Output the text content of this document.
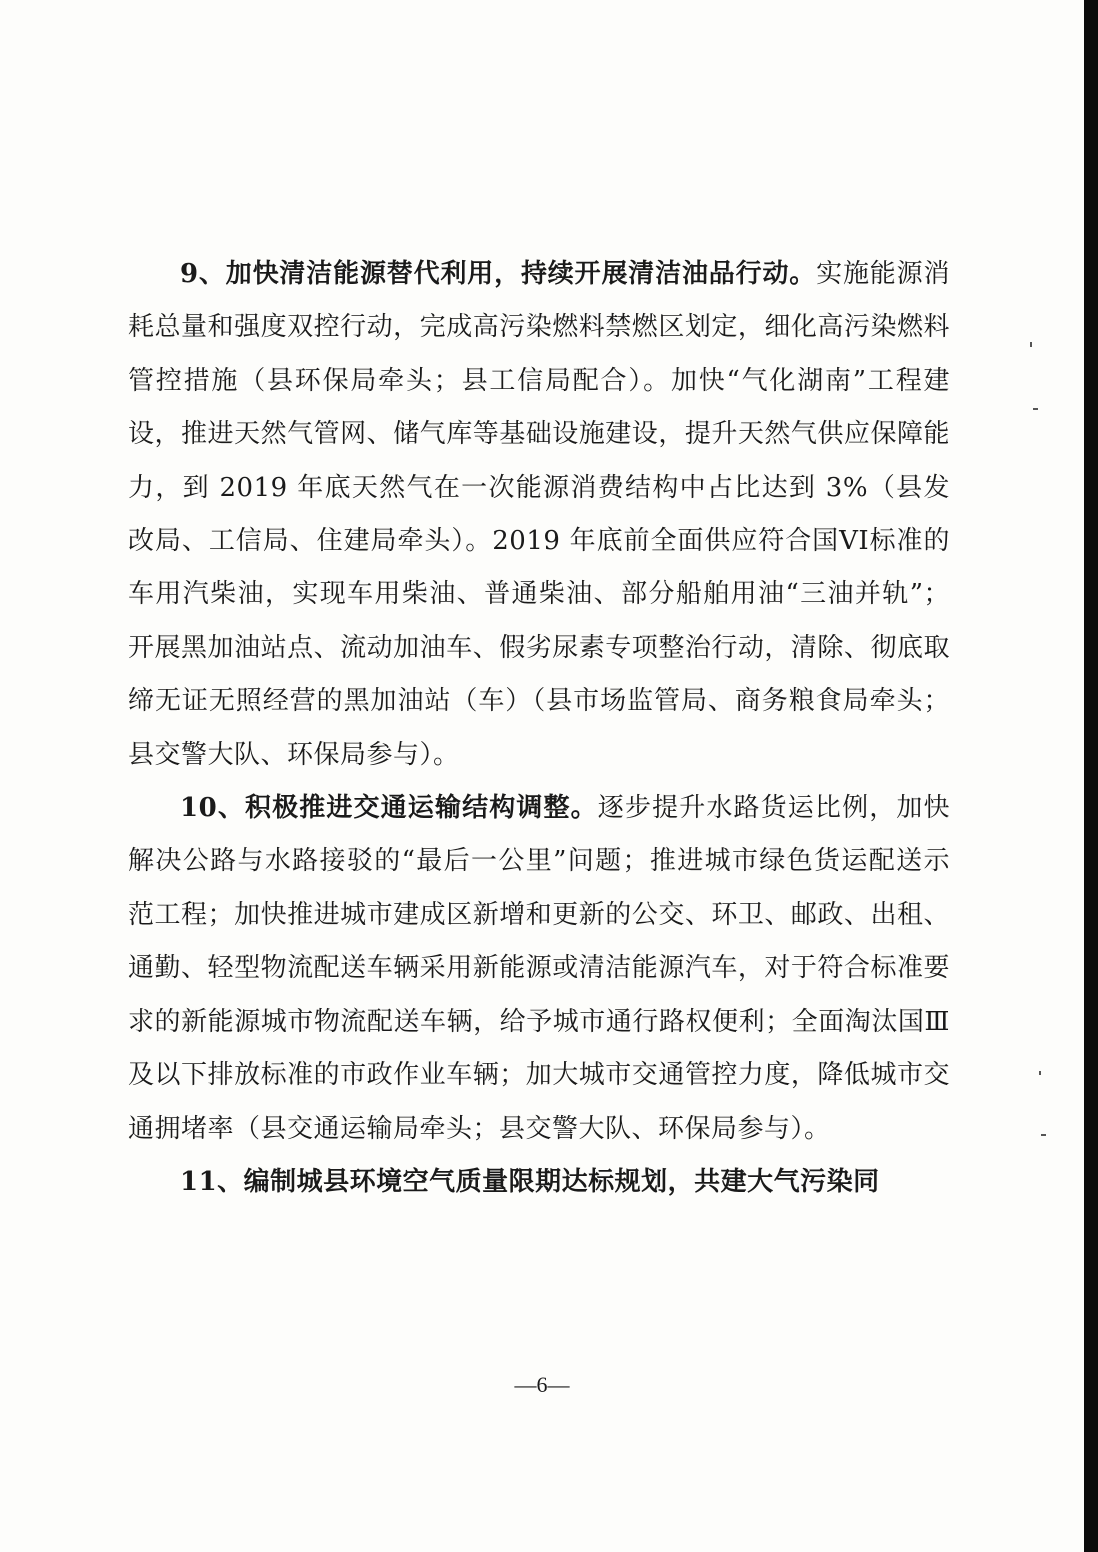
9、加快清洁能源替代利用，持续开展清洁油品行动。实施能源消耗总量和强度双控行动，完成高污染燃料禁燃区划定，细化高污染燃料管控措施（县环保局牵头；县工信局配合）。加快“气化湖南”工程建设，推进天然气管网、储气库等基础设施建设，提升天然气供应保障能力，到 2019 年底天然气在一次能源消费结构中占比达到 3%（县发改局、工信局、住建局牵头）。2019 年底前全面供应符合国VI标准的车用汽柴油，实现车用柴油、普通柴油、部分船舶用油“三油并轨”；开展黑加油站点、流动加油车、假劣尿素专项整治行动，清除、彻底取缔无证无照经营的黑加油站（车）（县市场监管局、商务粮食局牵头；县交警大队、环保局参与）。

10、积极推进交通运输结构调整。逐步提升水路货运比例，加快解决公路与水路接驳的“最后一公里”问题；推进城市绿色货运配送示范工程；加快推进城市建成区新增和更新的公交、环卫、邮政、出租、通勤、轻型物流配送车辆采用新能源或清洁能源汽车，对于符合标准要求的新能源城市物流配送车辆，给予城市通行路权便利；全面淘汰国Ⅲ及以下排放标准的市政作业车辆；加大城市交通管控力度，降低城市交通拥堵率（县交通运输局牵头；县交警大队、环保局参与）。

11、编制城县环境空气质量限期达标规划，共建大气污染同

—6—
